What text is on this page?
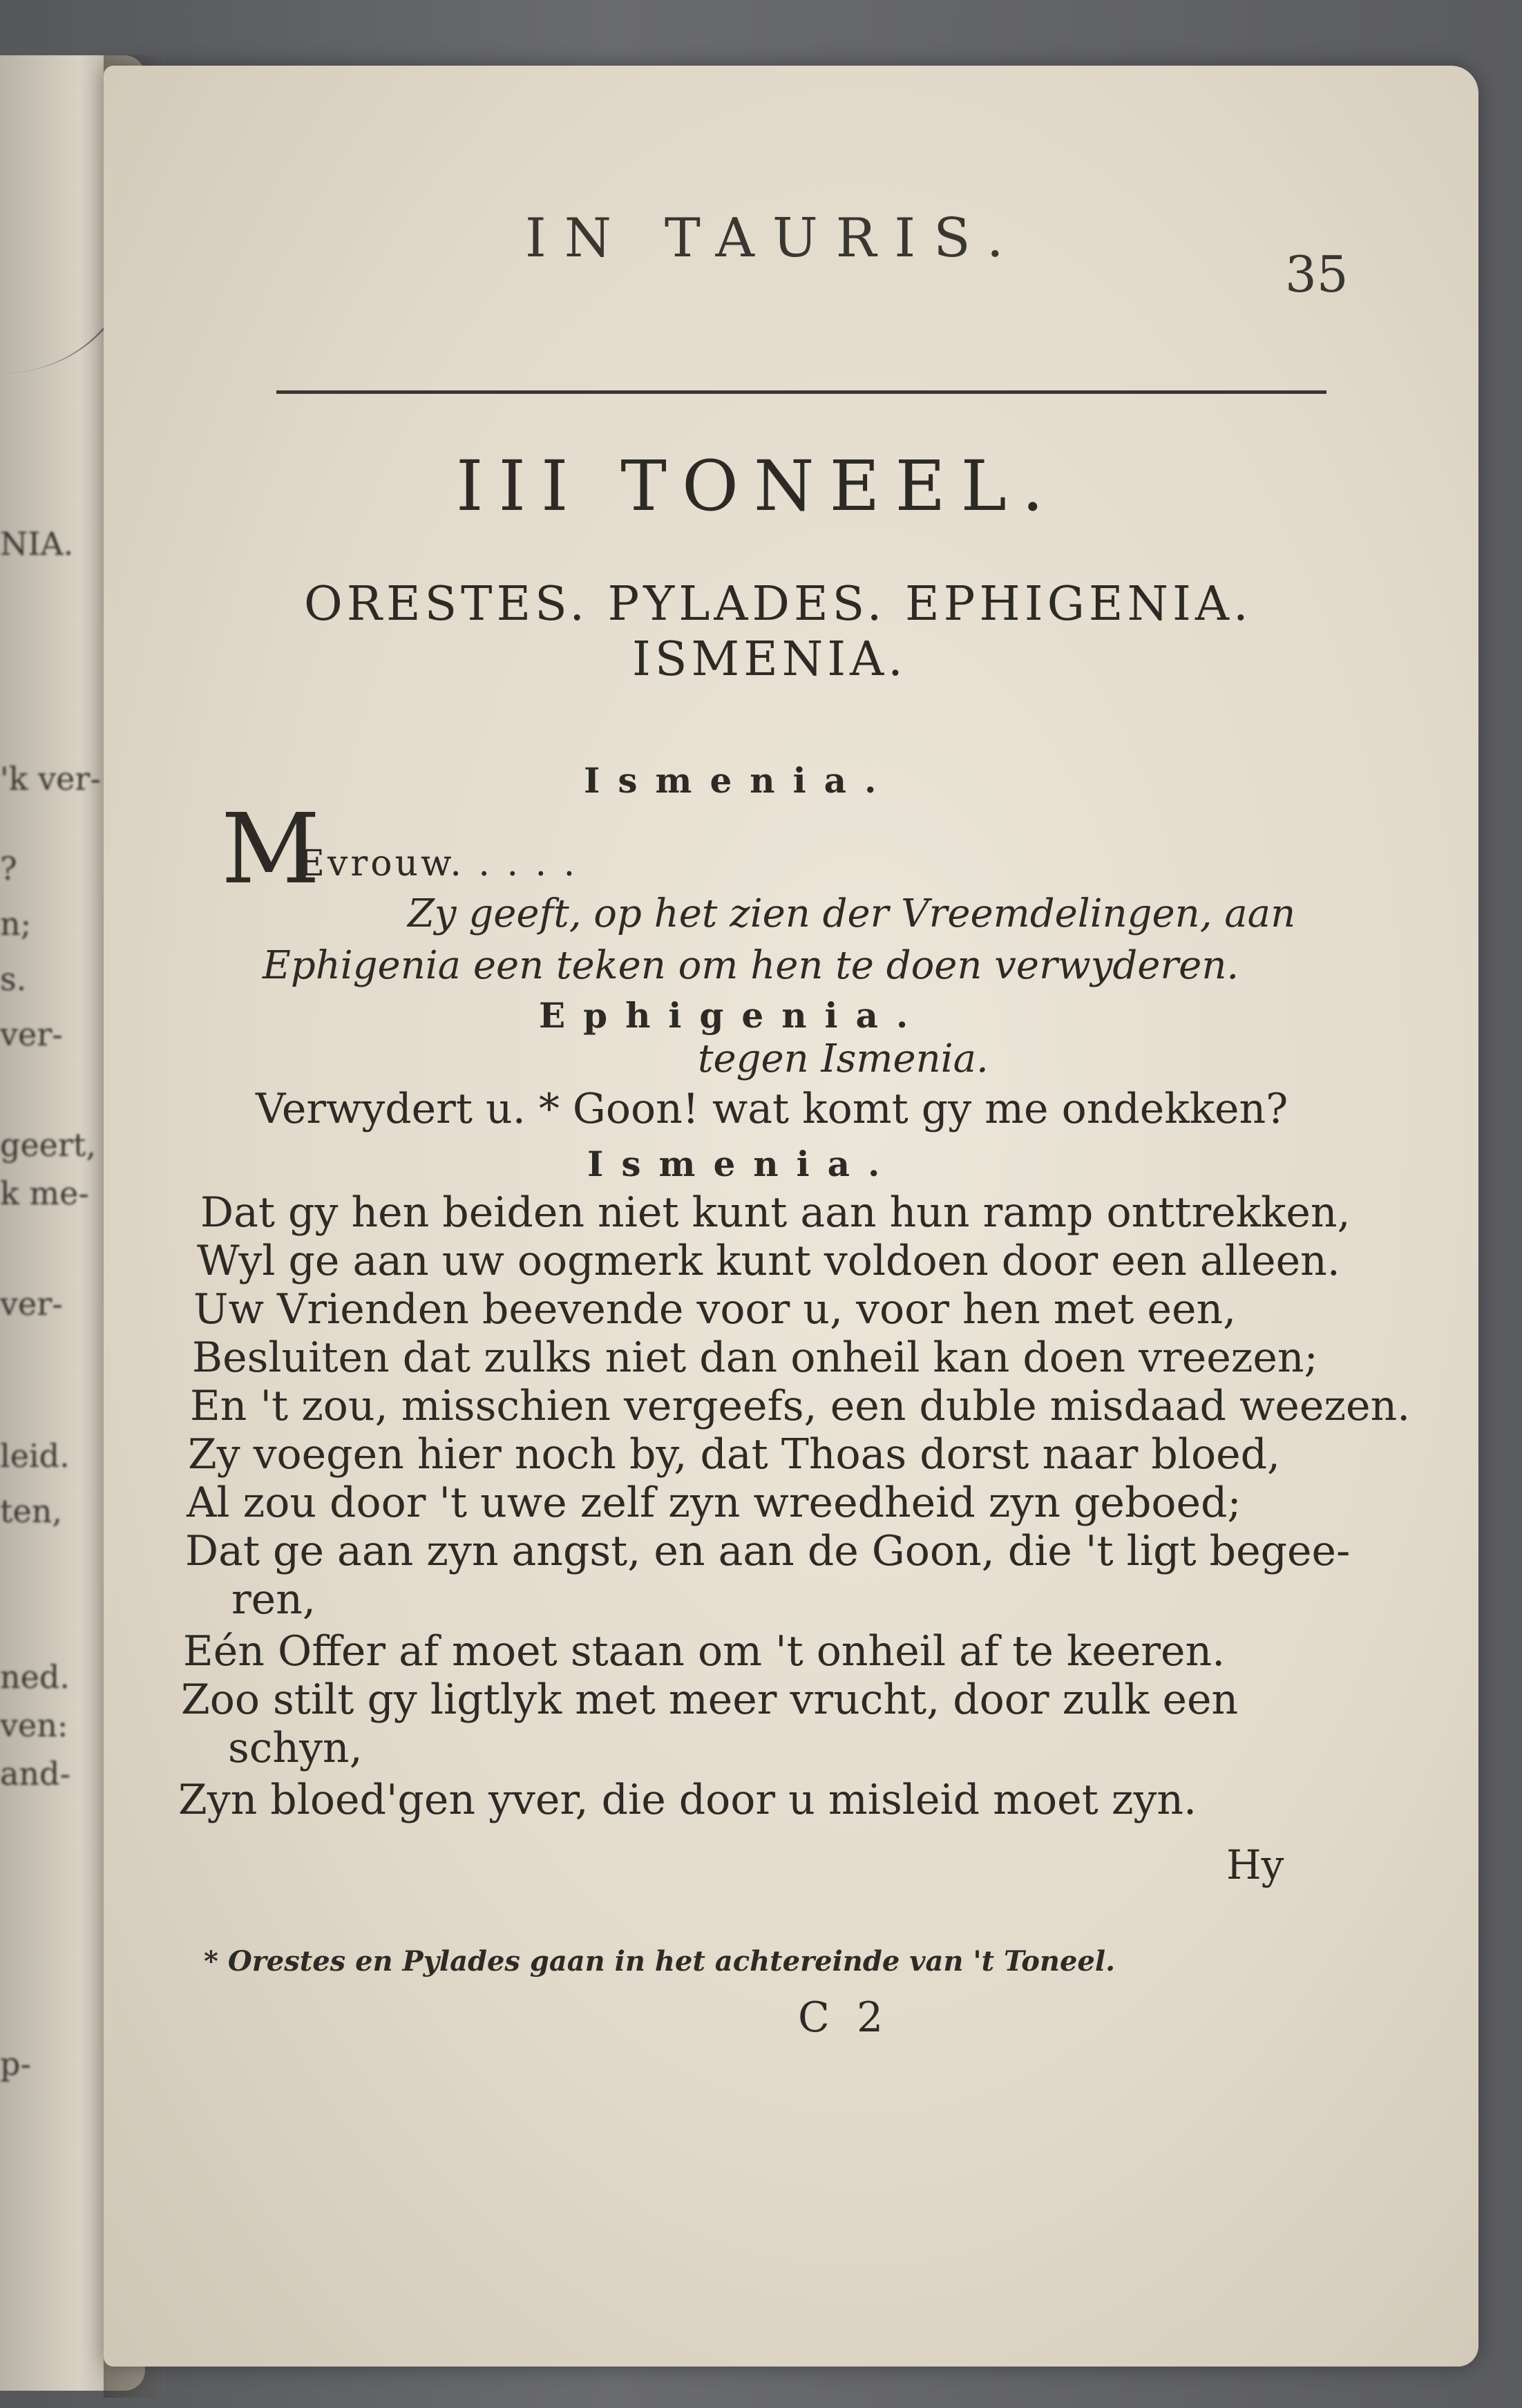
NIA.
'k ver-
?
n;
s.
ver-
geert,
k me-
ver-
leid.
ten,
ned.
ven:
and-
p-
IN TAURIS.
35
III TONEEL.
ORESTES. PYLADES. EPHIGENIA.
ISMENIA.
Ismenia.
M
Evrouw. . . . .
Zy geeft, op het zien der Vreemdelingen, aan
Ephigenia een teken om hen te doen verwyderen.
Ephigenia.
tegen Ismenia.
Verwydert u. * Goon! wat komt gy me ondekken?
Ismenia.
Dat gy hen beiden niet kunt aan hun ramp onttrekken,
Wyl ge aan uw oogmerk kunt voldoen door een alleen.
Uw Vrienden beevende voor u, voor hen met een,
Besluiten dat zulks niet dan onheil kan doen vreezen;
En 't zou, misschien vergeefs, een duble misdaad weezen.
Zy voegen hier noch by, dat Thoas dorst naar bloed,
Al zou door 't uwe zelf zyn wreedheid zyn geboed;
Dat ge aan zyn angst, en aan de Goon, die 't ligt begee-
ren,
Eén Offer af moet staan om 't onheil af te keeren.
Zoo stilt gy ligtlyk met meer vrucht, door zulk een
schyn,
Zyn bloed'gen yver, die door u misleid moet zyn.
Hy
* Orestes en Pylades gaan in het achtereinde van 't Toneel.
C 2
